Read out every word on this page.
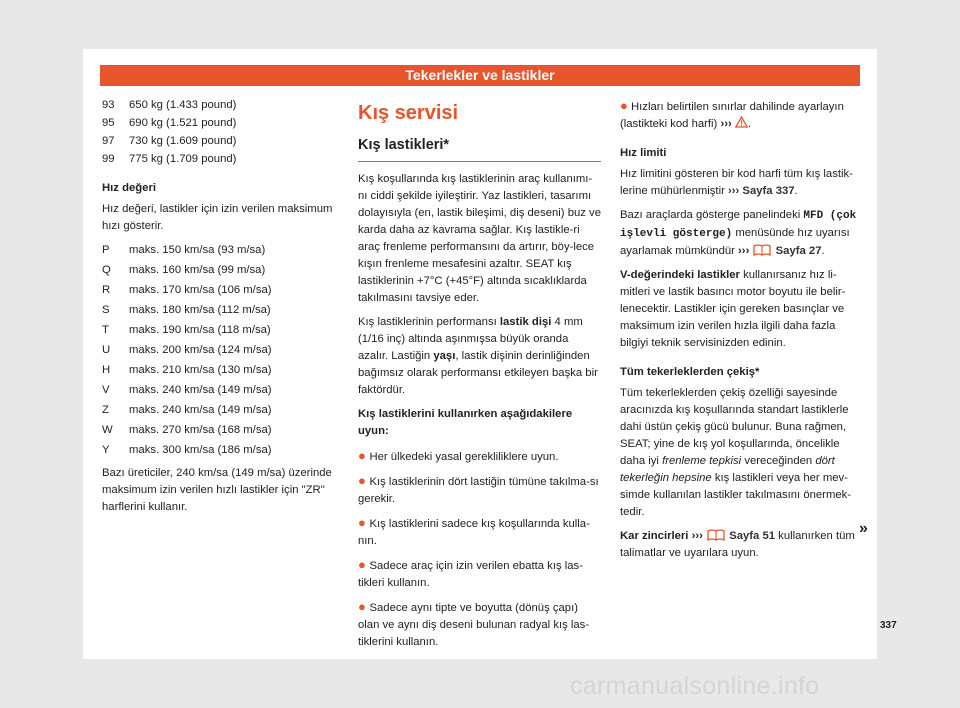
Tekerlekler ve lastikler
93	650 kg (1.433 pound)
95	690 kg (1.521 pound)
97	730 kg (1.609 pound)
99	775 kg (1.709 pound)
Hız değeri

Hız değeri, lastikler için izin verilen maksimum hızı gösterir.

P	maks. 150 km/sa (93 m/sa)
Q	maks. 160 km/sa (99 m/sa)
R	maks. 170 km/sa (106 m/sa)
S	maks. 180 km/sa (112 m/sa)
T	maks. 190 km/sa (118 m/sa)
U	maks. 200 km/sa (124 m/sa)
H	maks. 210 km/sa (130 m/sa)
V	maks. 240 km/sa (149 m/sa)
Z	maks. 240 km/sa (149 m/sa)
W	maks. 270 km/sa (168 m/sa)
Y	maks. 300 km/sa (186 m/sa)

Bazı üreticiler, 240 km/sa (149 m/sa) üzerinde maksimum izin verilen hızlı lastikler için "ZR" harflerini kullanır.

Kış servisi
Kış lastikleri*

Kış koşullarında kış lastiklerinin araç kullanımı-nı ciddi şekilde iyileştirir. Yaz lastikleri, tasarımı dolayısıyla (en, lastik bileşimi, diş deseni) buz ve karda daha az kavrama sağlar. Kış lastikle-ri araç frenleme performansını da artırır, böy-lece kışın frenleme mesafesini azaltır. SEAT kış lastiklerinin +7°C (+45°F) altında sıcaklıklarda takılmasını tavsiye eder.

Kış lastiklerinin performansı lastik dişi 4 mm (1/16 inç) altında aşınmışsa büyük oranda azalır. Lastiğin yaşı, lastik dişinin derinliğinden bağımsız olarak performansı etkileyen başka bir faktördür.

Kış lastiklerini kullanırken aşağıdakilere uyun:

● Her ülkedeki yasal gerekliliklere uyun.
● Kış lastiklerinin dört lastiğin tümüne takılma-sı gerekir.
● Kış lastiklerini sadece kış koşullarında kulla-nın.
● Sadece araç için izin verilen ebatta kış las-tikleri kullanın.
● Sadece aynı tipte ve boyutta (dönüş çapı) olan ve aynı diş deseni bulunan radyal kış las-tiklerini kullanın.
● Hızları belirtilen sınırlar dahilinde ayarlayın (lastikteki kod harfi) ››› .
Hız limiti

Hız limitini gösteren bir kod harfi tüm kış lastik-lerine mühürlenmiştir ››› Sayfa 337.

Bazı araçlarda gösterge panelindeki MFD (çok işlevli gösterge) menüsünde hız uyarısı ayarlamak mümkündür ››› Sayfa 27.

V-değerindeki lastikler kullanırsanız hız li-mitleri ve lastik basıncı motor boyutu ile belir-lenecektir. Lastikler için gereken basınçlar ve maksimum izin verilen hızla ilgili daha fazla bilgiyi teknik servisinizden edinin.

Tüm tekerleklerden çekiş*

Tüm tekerleklerden çekiş özelliği sayesinde aracınızda kış koşullarında standart lastiklerle dahi üstün çekiş gücü bulunur. Buna rağmen, SEAT; yine de kış yol koşullarında, öncelikle daha iyi frenleme tepkisi vereceğinden dört tekerleğin hepsine kış lastikleri veya her mev-simde kullanılan lastikler takılmasını önermek-tedir.

Kar zincirleri ››› Sayfa 51 kullanırken tüm talimatlar ve uyarılara uyun.

»
337
carmanualsonline.info
